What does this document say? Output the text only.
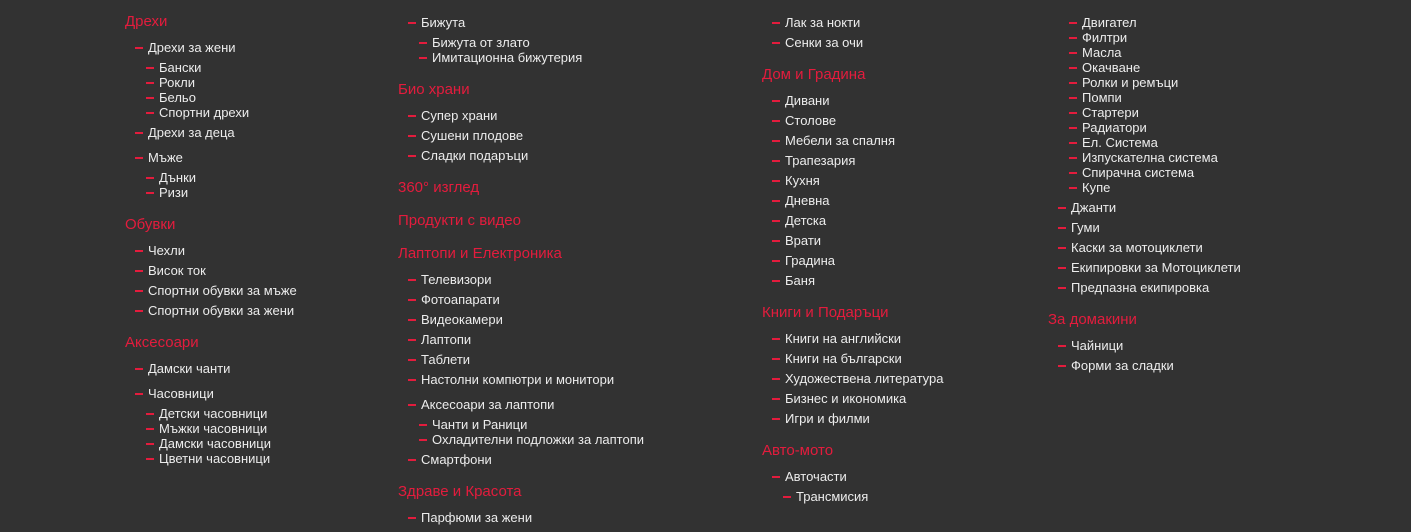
Дрехи
Дрехи за жени
Бански
Рокли
Бельо
Спортни дрехи
Дрехи за деца
Мъже
Дънки
Ризи
Обувки
Чехли
Висок ток
Спортни обувки за мъже
Спортни обувки за жени
Аксесоари
Дамски чанти
Часовници
Детски часовници
Мъжки часовници
Дамски часовници
Цветни часовници
Бижута
Бижута от злато
Имитационна бижутерия
Био храни
Супер храни
Сушени плодове
Сладки подаръци
360° изглед
Продукти с видео
Лаптопи и Електроника
Телевизори
Фотоапарати
Видеокамери
Лаптопи
Таблети
Настолни компютри и монитори
Аксесоари за лаптопи
Чанти и Раници
Охладителни подложки за лаптопи
Смартфони
Здраве и Красота
Парфюми за жени
Лак за нокти
Сенки за очи
Дом и Градина
Дивани
Столове
Мебели за спалня
Трапезария
Кухня
Дневна
Детска
Врати
Градина
Баня
Книги и Подаръци
Книги на английски
Книги на български
Художествена литература
Бизнес и икономика
Игри и филми
Авто-мото
Авточасти
Трансмисия
Двигател
Филтри
Масла
Окачване
Ролки и ремъци
Помпи
Стартери
Радиатори
Ел. Система
Изпускателна система
Спирачна система
Купе
Джанти
Гуми
Каски за мотоциклети
Екипировки за Мотоциклети
Предпазна екипировка
За домакини
Чайници
Форми за сладки
